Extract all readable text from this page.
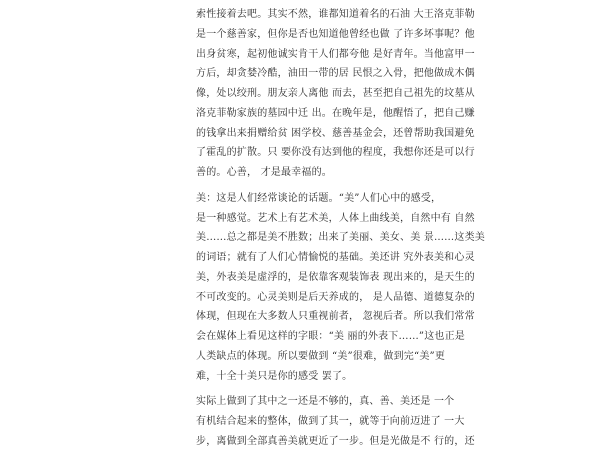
索性接着去吧。其实不然，谁都知道着名的石油 大王洛克菲勒
是一个慈善家，但你是否也知道他曾经也做 了许多坏事呢？他
出身贫寒，起初他诚实肯干人们都夸他 是好青年。当他富甲一
方后，却贪婪冷酷，油田一带的居 民恨之入骨，把他做成木偶
像，处以绞刑。朋友亲人离他 而去，甚至把自己祖先的坟墓从
洛克菲勒家族的墓园中迁 出。在晚年是，他醒悟了，把自己赚
的钱拿出来捐赠给贫 困学校、慈善基金会，还曾帮助我国避免
了霍乱的扩散。只 要你没有达到他的程度，我想你还是可以行
善的。心善， 才是最幸福的。
美：这是人们经常谈论的话题。“美”人们心中的感受，
是一种感觉。艺术上有艺术美，人体上曲线美，自然中有 自然
美……总之都是美不胜数；出来了美丽、美女、美 景……这类美
的词语；就有了人们心情愉悦的基础。美还讲 究外表美和心灵
美，外表美是虚浮的，是依靠客观装饰表 现出来的，是天生的
不可改变的。心灵美则是后天养成的， 是人品德、道德复杂的
体现，但现在大多数人只重视前者， 忽视后者。所以我们常常
会在媒体上看见这样的字眼：“美 丽的外表下……”这也正是
人类缺点的体现。所以要做到 “美”很难，做到完“美”更
难，十全十美只是你的感受 罢了。
实际上做到了其中之一还是不够的，真、善、美还是 一个
有机结合起来的整体，做到了其一，就等于向前迈进了 一大
步，离做到全部真善美就更近了一步。但是光做是不 行的，还
